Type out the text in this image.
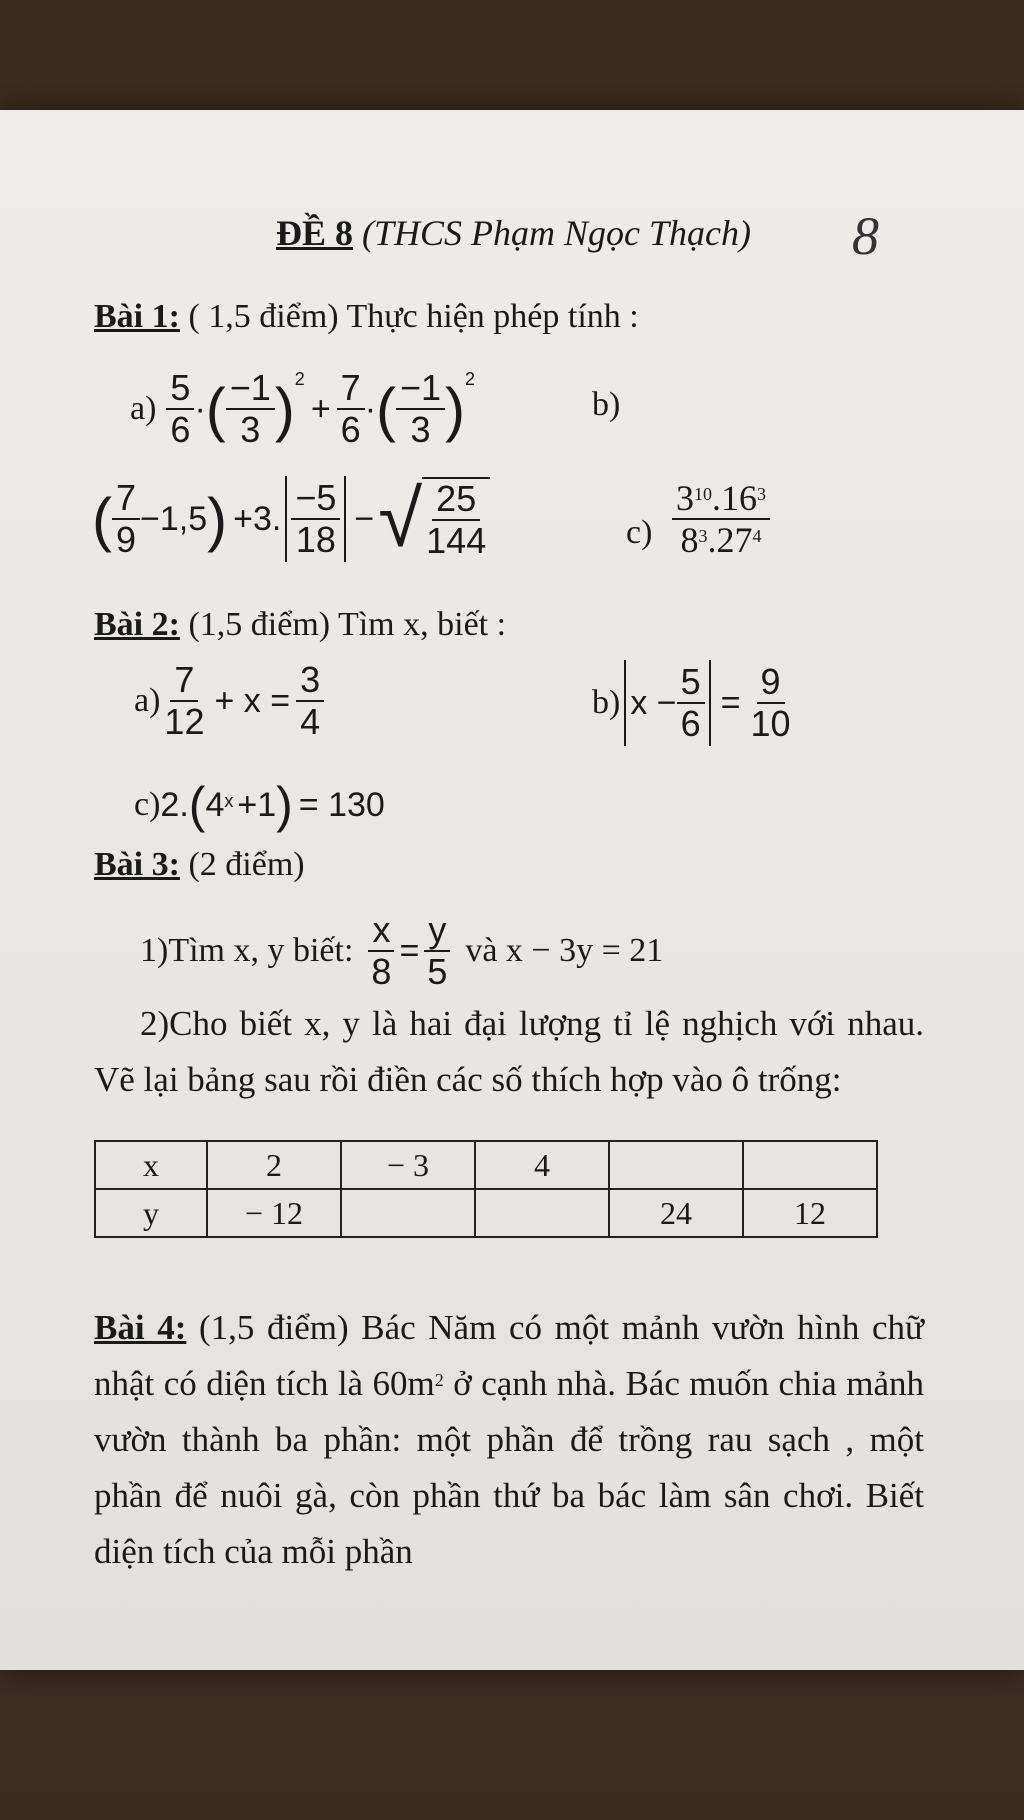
ĐỀ 8 (THCS Phạm Ngọc Thạch) 8
Bài 1: ( 1,5 điểm) Thực hiện phép tính :
$a) \frac{5}{6}$ · ( $\frac{-1}{3}$ ) 2
+ $\frac{7}{6}$ · ( $\frac{-1}{3}$ ) 2
b)
( $\frac{7}{9} -1,5$ ) +3. $\frac{-5}{18}$ − √ $\frac{25}{144}$	$c) \frac{3^{10}.16^3}{8^3.27^4}$
Bài 2: (1,5 điểm) Tìm x, biết :
$a) \frac{7}{12} + x = \frac{3}{4}$	b) $x - \frac{5}{6} = \frac{9}{10}$
c) 2. ( 4 x +1 ) = 130
Bài 3: (2 điểm)
1)Tìm x, y biết: $\frac{x}{8} = \frac{y}{5}$ và x − 3y = 21
2)Cho biết x, y là hai đại lượng tỉ lệ nghịch với nhau. Vẽ lại bảng sau rồi điền các số thích hợp vào ô trống:
x	2	− 3	4		
y	− 12			24	12
Bài 4: (1,5 điểm) Bác Năm có một mảnh vườn hình chữ nhật có diện tích là $60m^2$ ở cạnh nhà. Bác muốn chia mảnh vườn thành ba phần: một phần để trồng rau sạch , một phần để nuôi gà, còn phần thứ ba bác làm sân chơi. Biết diện tích của mỗi phần
